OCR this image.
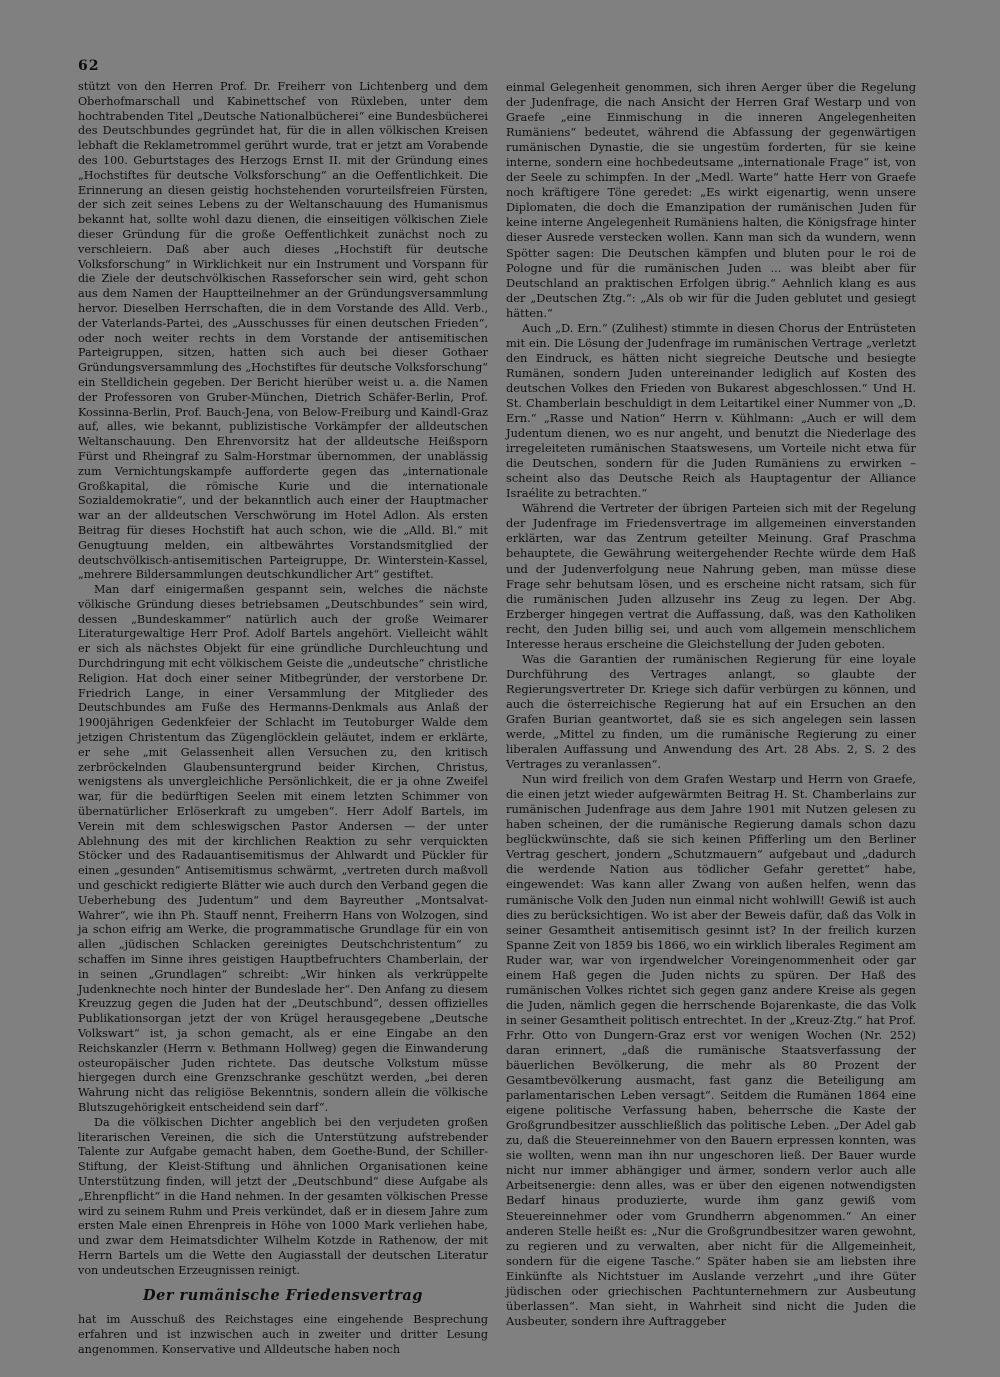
62

stützt von den Herren Prof. Dr. Freiherr von Lichtenberg und dem Oberhofmarschall und Kabinettschef von Rüxleben, unter dem hochtrabenden Titel „Deutsche Nationalbücherei“ eine Bundesbücherei des Deutschbundes gegründet hat, für die in allen völkischen Kreisen lebhaft die Reklametrommel gerührt wurde, trat er jetzt am Vorabende des 100. Geburtstages des Herzogs Ernst II. mit der Gründung eines „Hochstiftes für deutsche Volksforschung“ an die Oeffentlichkeit. Die Erinnerung an diesen geistig hochstehenden vorurteilsfreien Fürsten, der sich zeit seines Lebens zu der Weltanschauung des Humanismus bekannt hat, sollte wohl dazu dienen, die einseitigen völkischen Ziele dieser Gründung für die große Oeffentlichkeit zunächst noch zu verschleiern. Daß aber auch dieses „Hochstift für deutsche Volksforschung“ in Wirklichkeit nur ein Instrument und Vorspann für die Ziele der deutschvölkischen Rasseforscher sein wird, geht schon aus dem Namen der Hauptteilnehmer an der Gründungsversammlung hervor. Dieselben Herrschaften, die in dem Vorstande des Alld. Verb., der Vaterlands-Partei, des „Ausschusses für einen deutschen Frieden“, oder noch weiter rechts in dem Vorstande der antisemitischen Parteigruppen, sitzen, hatten sich auch bei dieser Gothaer Gründungsversammlung des „Hochstiftes für deutsche Volksforschung“ ein Stelldichein gegeben. Der Bericht hierüber weist u. a. die Namen der Professoren von Gruber-München, Dietrich Schäfer-Berlin, Prof. Kossinna-Berlin, Prof. Bauch-Jena, von Below-Freiburg und Kaindl-Graz auf, alles, wie bekannt, publizistische Vorkämpfer der alldeutschen Weltanschauung. Den Ehrenvorsitz hat der alldeutsche Heißsporn Fürst und Rheingraf zu Salm-Horstmar übernommen, der unablässig zum Vernichtungskampfe aufforderte gegen das „internationale Großkapital, die römische Kurie und die internationale Sozialdemokratie“, und der bekanntlich auch einer der Hauptmacher war an der alldeutschen Verschwörung im Hotel Adlon. Als ersten Beitrag für dieses Hochstift hat auch schon, wie die „Alld. Bl.“ mit Genugtuung melden, ein altbewährtes Vorstandsmitglied der deutschvölkisch-antisemitischen Parteigruppe, Dr. Winterstein-Kassel, „mehrere Bildersammlungen deutschkundlicher Art“ gestiftet.

Man darf einigermaßen gespannt sein, welches die nächste völkische Gründung dieses betriebsamen „Deutschbundes“ sein wird, dessen „Bundeskammer“ natürlich auch der große Weimarer Literaturgewaltige Herr Prof. Adolf Bartels angehört. Vielleicht wählt er sich als nächstes Objekt für eine gründliche Durchleuchtung und Durchdringung mit echt völkischem Geiste die „undeutsche“ christliche Religion. Hat doch einer seiner Mitbegründer, der verstorbene Dr. Friedrich Lange, in einer Versammlung der Mitglieder des Deutschbundes am Fuße des Hermanns-Denkmals aus Anlaß der 1900jährigen Gedenkfeier der Schlacht im Teutoburger Walde dem jetzigen Christentum das Zügenglöcklein geläutet, indem er erklärte, er sehe „mit Gelassenheit allen Versuchen zu, den kritisch zerbröckelnden Glaubensuntergrund beider Kirchen, Christus, wenigstens als unvergleichliche Persönlichkeit, die er ja ohne Zweifel war, für die bedürftigen Seelen mit einem letzten Schimmer von übernatürlicher Erlöserkraft zu umgeben“. Herr Adolf Bartels, im Verein mit dem schleswigschen Pastor Andersen — der unter Ablehnung des mit der kirchlichen Reaktion zu sehr verquickten Stöcker und des Radauantisemitismus der Ahlwardt und Pückler für einen „gesunden“ Antisemitismus schwärmt, „vertreten durch maßvoll und geschickt redigierte Blätter wie auch durch den Verband gegen die Ueberhebung des Judentum“ und dem Bayreuther „Montsalvat-Wahrer“, wie ihn Ph. Stauff nennt, Freiherrn Hans von Wolzogen, sind ja schon eifrig am Werke, die programmatische Grundlage für ein von allen „jüdischen Schlacken gereinigtes Deutschchristentum“ zu schaffen im Sinne ihres geistigen Hauptbefruchters Chamberlain, der in seinen „Grundlagen“ schreibt: „Wir hinken als verkrüppelte Judenknechte noch hinter der Bundeslade her“. Den Anfang zu diesem Kreuzzug gegen die Juden hat der „Deutschbund“, dessen offizielles Publikationsorgan jetzt der von Krügel herausgegebene „Deutsche Volkswart“ ist, ja schon gemacht, als er eine Eingabe an den Reichskanzler (Herrn v. Bethmann Hollweg) gegen die Einwanderung osteuropäischer Juden richtete. Das deutsche Volkstum müsse hiergegen durch eine Grenzschranke geschützt werden, „bei deren Wahrung nicht das religiöse Bekenntnis, sondern allein die völkische Blutszugehörigkeit entscheidend sein darf“.

Da die völkischen Dichter angeblich bei den verjudeten großen literarischen Vereinen, die sich die Unterstützung aufstrebender Talente zur Aufgabe gemacht haben, dem Goethe-Bund, der Schiller-Stiftung, der Kleist-Stiftung und ähnlichen Organisationen keine Unterstützung finden, will jetzt der „Deutschbund“ diese Aufgabe als „Ehrenpflicht“ in die Hand nehmen. In der gesamten völkischen Presse wird zu seinem Ruhm und Preis verkündet, daß er in diesem Jahre zum ersten Male einen Ehrenpreis in Höhe von 1000 Mark verliehen habe, und zwar dem Heimatsdichter Wilhelm Kotzde in Rathenow, der mit Herrn Bartels um die Wette den Augiasstall der deutschen Literatur von undeutschen Erzeugnissen reinigt.

Der rumänische Friedensvertrag

hat im Ausschuß des Reichstages eine eingehende Besprechung erfahren und ist inzwischen auch in zweiter und dritter Lesung angenommen. Konservative und Alldeutsche haben noch

einmal Gelegenheit genommen, sich ihren Aerger über die Regelung der Judenfrage, die nach Ansicht der Herren Graf Westarp und von Graefe „eine Einmischung in die inneren Angelegenheiten Rumäniens“ bedeutet, während die Abfassung der gegenwärtigen rumänischen Dynastie, die sie ungestüm forderten, für sie keine interne, sondern eine hochbedeutsame „internationale Frage“ ist, von der Seele zu schimpfen. In der „Medl. Warte“ hatte Herr von Graefe noch kräftigere Töne geredet: „Es wirkt eigenartig, wenn unsere Diplomaten, die doch die Emanzipation der rumänischen Juden für keine interne Angelegenheit Rumäniens halten, die Königsfrage hinter dieser Ausrede verstecken wollen. Kann man sich da wundern, wenn Spötter sagen: Die Deutschen kämpfen und bluten pour le roi de Pologne und für die rumänischen Juden ... was bleibt aber für Deutschland an praktischen Erfolgen übrig.“ Aehnlich klang es aus der „Deutschen Ztg.“: „Als ob wir für die Juden geblutet und gesiegt hätten.“

Auch „D. Ern.“ (Zulihest) stimmte in diesen Chorus der Entrüsteten mit ein. Die Lösung der Judenfrage im rumänischen Vertrage „verletzt den Eindruck, es hätten nicht siegreiche Deutsche und besiegte Rumänen, sondern Juden untereinander lediglich auf Kosten des deutschen Volkes den Frieden von Bukarest abgeschlossen.“ Und H. St. Chamberlain beschuldigt in dem Leitartikel einer Nummer von „D. Ern.“ „Rasse und Nation“ Herrn v. Kühlmann: „Auch er will dem Judentum dienen, wo es nur angeht, und benutzt die Niederlage des irregeleiteten rumänischen Staatswesens, um Vorteile nicht etwa für die Deutschen, sondern für die Juden Rumäniens zu erwirken – scheint also das Deutsche Reich als Hauptagentur der Alliance Israélite zu betrachten.“

Während die Vertreter der übrigen Parteien sich mit der Regelung der Judenfrage im Friedensvertrage im allgemeinen einverstanden erklärten, war das Zentrum geteilter Meinung. Graf Praschma behauptete, die Gewährung weitergehender Rechte würde dem Haß und der Judenverfolgung neue Nahrung geben, man müsse diese Frage sehr behutsam lösen, und es erscheine nicht ratsam, sich für die rumänischen Juden allzusehr ins Zeug zu legen. Der Abg. Erzberger hingegen vertrat die Auffassung, daß, was den Katholiken recht, den Juden billig sei, und auch vom allgemein menschlichem Interesse heraus erscheine die Gleichstellung der Juden geboten.

Was die Garantien der rumänischen Regierung für eine loyale Durchführung des Vertrages anlangt, so glaubte der Regierungsvertreter Dr. Kriege sich dafür verbürgen zu können, und auch die österreichische Regierung hat auf ein Ersuchen an den Grafen Burian geantwortet, daß sie es sich angelegen sein lassen werde, „Mittel zu finden, um die rumänische Regierung zu einer liberalen Auffassung und Anwendung des Art. 28 Abs. 2, S. 2 des Vertrages zu veranlassen“.

Nun wird freilich von dem Grafen Westarp und Herrn von Graefe, die einen jetzt wieder aufgewärmten Beitrag H. St. Chamberlains zur rumänischen Judenfrage aus dem Jahre 1901 mit Nutzen gelesen zu haben scheinen, der die rumänische Regierung damals schon dazu beglückwünschte, daß sie sich keinen Pfifferling um den Berliner Vertrag geschert, jondern „Schutzmauern“ aufgebaut und „dadurch die werdende Nation aus tödlicher Gefahr gerettet“ habe, eingewendet: Was kann aller Zwang von außen helfen, wenn das rumänische Volk den Juden nun einmal nicht wohlwill! Gewiß ist auch dies zu berücksichtigen. Wo ist aber der Beweis dafür, daß das Volk in seiner Gesamtheit antisemitisch gesinnt ist? In der freilich kurzen Spanne Zeit von 1859 bis 1866, wo ein wirklich liberales Regiment am Ruder war, war von irgendwelcher Voreingenommenheit oder gar einem Haß gegen die Juden nichts zu spüren. Der Haß des rumänischen Volkes richtet sich gegen ganz andere Kreise als gegen die Juden, nämlich gegen die herrschende Bojarenkaste, die das Volk in seiner Gesamtheit politisch entrechtet. In der „Kreuz-Ztg.“ hat Prof. Frhr. Otto von Dungern-Graz erst vor wenigen Wochen (Nr. 252) daran erinnert, „daß die rumänische Staatsverfassung der bäuerlichen Bevölkerung, die mehr als 80 Prozent der Gesamtbevölkerung ausmacht, fast ganz die Beteiligung am parlamentarischen Leben versagt“. Seitdem die Rumänen 1864 eine eigene politische Verfassung haben, beherrsche die Kaste der Großgrundbesitzer ausschließlich das politische Leben. „Der Adel gab zu, daß die Steuereinnehmer von den Bauern erpressen konnten, was sie wollten, wenn man ihn nur ungeschoren ließ. Der Bauer wurde nicht nur immer abhängiger und ärmer, sondern verlor auch alle Arbeitsenergie: denn alles, was er über den eigenen notwendigsten Bedarf hinaus produzierte, wurde ihm ganz gewiß vom Steuereinnehmer oder vom Grundherrn abgenommen.“ An einer anderen Stelle heißt es: „Nur die Großgrundbesitzer waren gewohnt, zu regieren und zu verwalten, aber nicht für die Allgemeinheit, sondern für die eigene Tasche.“ Später haben sie am liebsten ihre Einkünfte als Nichtstuer im Auslande verzehrt „und ihre Güter jüdischen oder griechischen Pachtunternehmern zur Ausbeutung überlassen“. Man sieht, in Wahrheit sind nicht die Juden die Ausbeuter, sondern ihre Auftraggeber
